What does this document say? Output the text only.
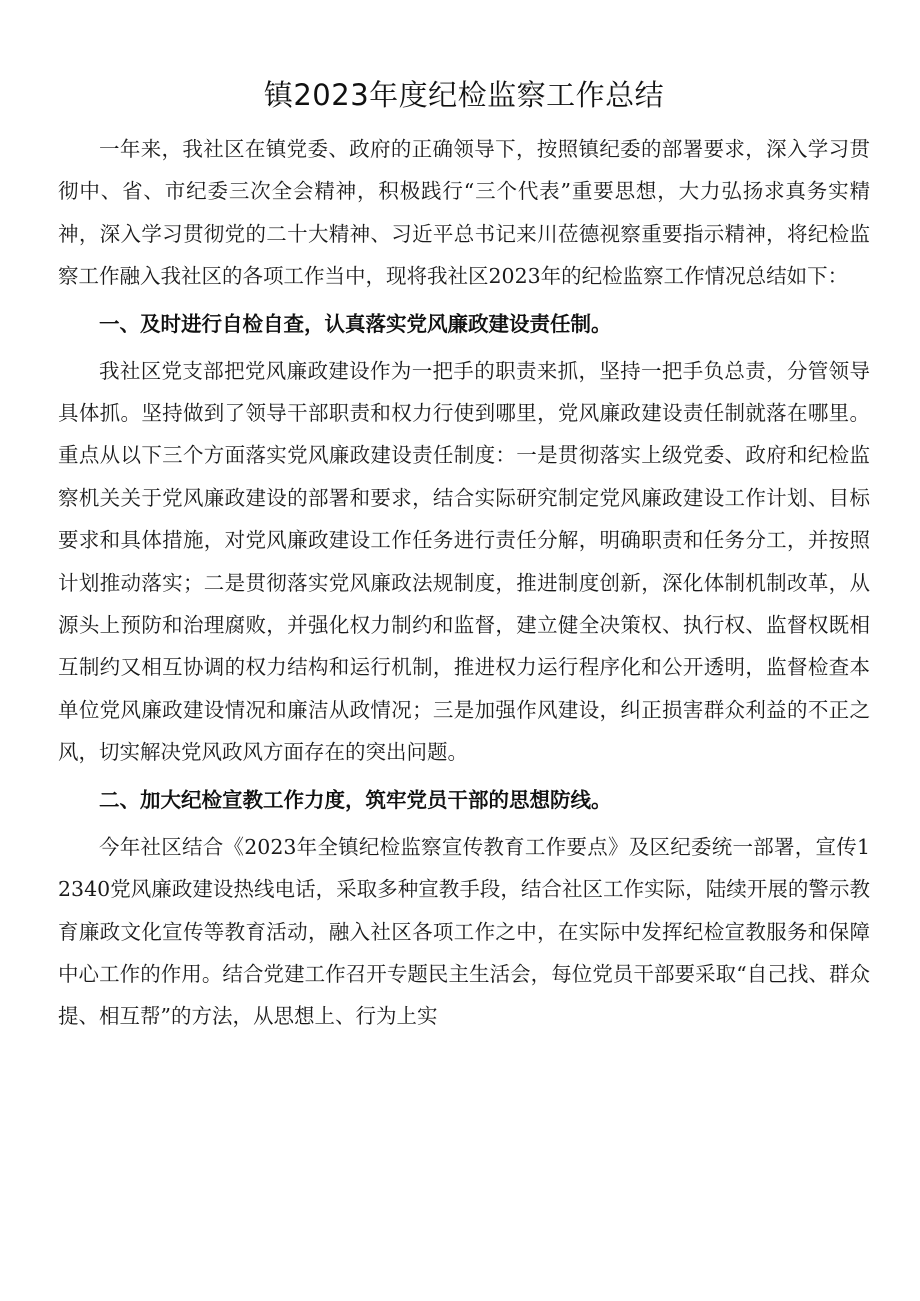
镇2023年度纪检监察工作总结

一年来，我社区在镇党委、政府的正确领导下，按照镇纪委的部署要求，深入学习贯彻中、省、市纪委三次全会精神，积极践行“三个代表”重要思想，大力弘扬求真务实精神，深入学习贯彻党的二十大精神、习近平总书记来川莅德视察重要指示精神，将纪检监察工作融入我社区的各项工作当中，现将我社区2023年的纪检监察工作情况总结如下：

一、及时进行自检自查，认真落实党风廉政建设责任制。

我社区党支部把党风廉政建设作为一把手的职责来抓，坚持一把手负总责，分管领导具体抓。坚持做到了领导干部职责和权力行使到哪里，党风廉政建设责任制就落在哪里。重点从以下三个方面落实党风廉政建设责任制度：一是贯彻落实上级党委、政府和纪检监察机关关于党风廉政建设的部署和要求，结合实际研究制定党风廉政建设工作计划、目标要求和具体措施，对党风廉政建设工作任务进行责任分解，明确职责和任务分工，并按照计划推动落实；二是贯彻落实党风廉政法规制度，推进制度创新，深化体制机制改革，从源头上预防和治理腐败，并强化权力制约和监督，建立健全决策权、执行权、监督权既相互制约又相互协调的权力结构和运行机制，推进权力运行程序化和公开透明，监督检查本单位党风廉政建设情况和廉洁从政情况；三是加强作风建设，纠正损害群众利益的不正之风，切实解决党风政风方面存在的突出问题。

二、加大纪检宣教工作力度，筑牢党员干部的思想防线。

今年社区结合《2023年全镇纪检监察宣传教育工作要点》及区纪委统一部署，宣传12340党风廉政建设热线电话，采取多种宣教手段，结合社区工作实际，陆续开展的警示教育廉政文化宣传等教育活动，融入社区各项工作之中，在实际中发挥纪检宣教服务和保障中心工作的作用。结合党建工作召开专题民主生活会，每位党员干部要采取“自己找、群众提、相互帮”的方法，从思想上、行为上实
